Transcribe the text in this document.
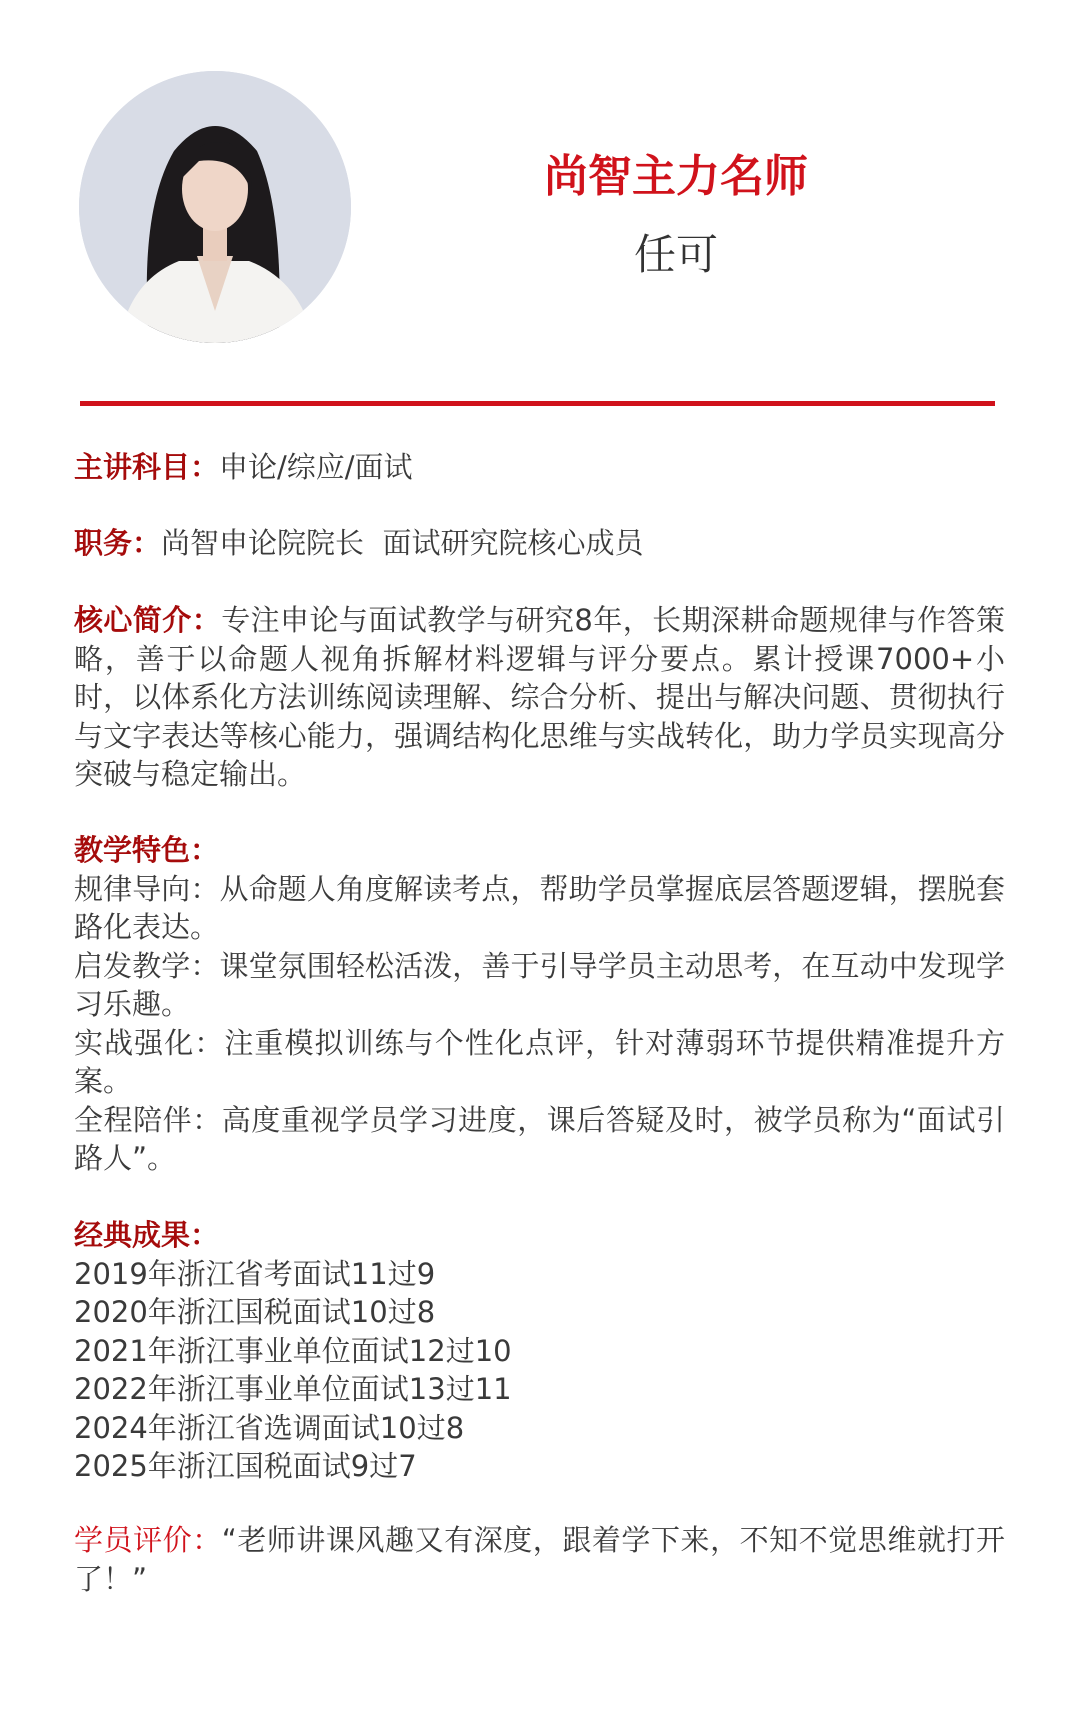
尚智主力名师
任可
主讲科目：申论/综应/面试
职务：尚智申论院院长  面试研究院核心成员
核心简介：专注申论与面试教学与研究8年，长期深耕命题规律与作答策略，善于以命题人视角拆解材料逻辑与评分要点。累计授课7000+小时，以体系化方法训练阅读理解、综合分析、提出与解决问题、贯彻执行与文字表达等核心能力，强调结构化思维与实战转化，助力学员实现高分突破与稳定输出。
教学特色：
规律导向：从命题人角度解读考点，帮助学员掌握底层答题逻辑，摆脱套路化表达。
启发教学：课堂氛围轻松活泼，善于引导学员主动思考，在互动中发现学习乐趣。
实战强化：注重模拟训练与个性化点评，针对薄弱环节提供精准提升方案。
全程陪伴：高度重视学员学习进度，课后答疑及时，被学员称为“面试引路人”。
经典成果：
2019年浙江省考面试11过9
2020年浙江国税面试10过8
2021年浙江事业单位面试12过10
2022年浙江事业单位面试13过11
2024年浙江省选调面试10过8
2025年浙江国税面试9过7
学员评价：“老师讲课风趣又有深度，跟着学下来，不知不觉思维就打开了！”
